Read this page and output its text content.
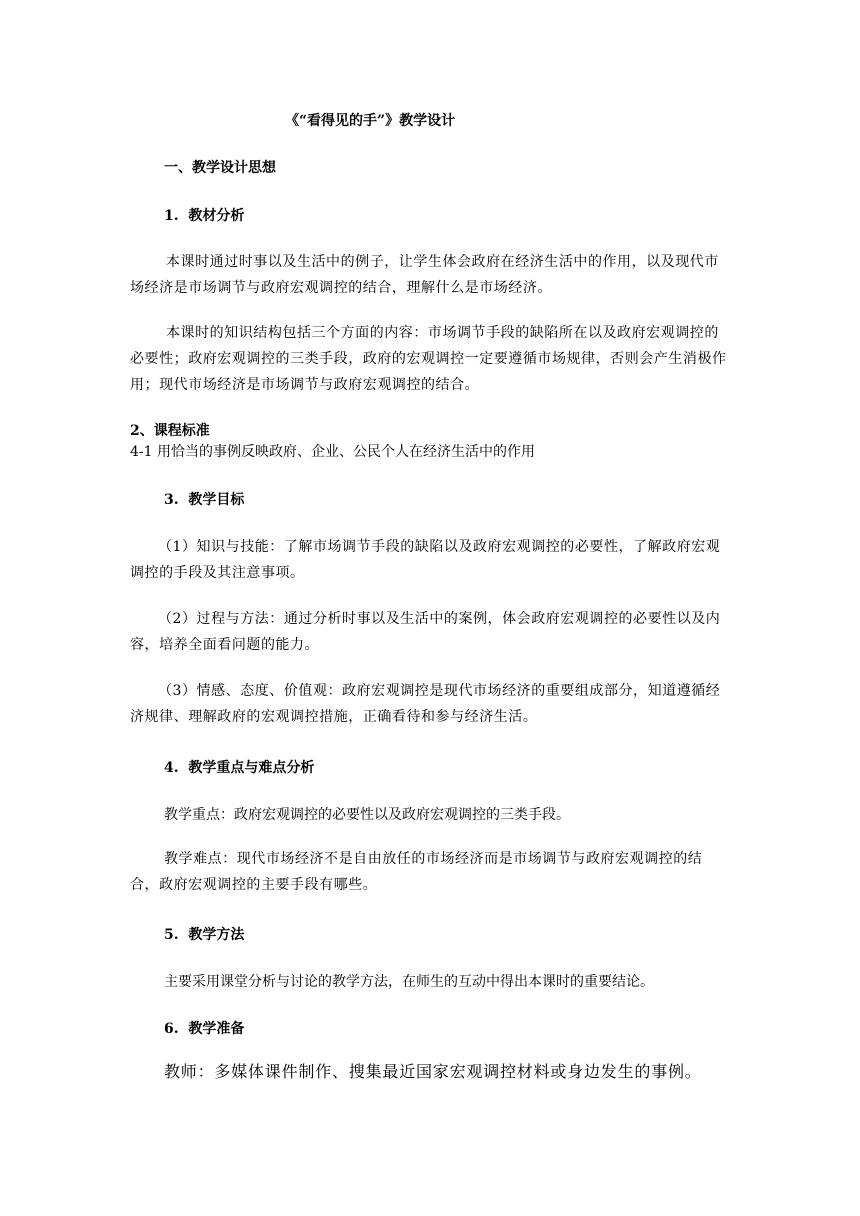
《“看得见的手”》教学设计
一、教学设计思想
1. 教材分析
本课时通过时事以及生活中的例子，让学生体会政府在经济生活中的作用，以及现代市场经济是市场调节与政府宏观调控的结合，理解什么是市场经济。
本课时的知识结构包括三个方面的内容：市场调节手段的缺陷所在以及政府宏观调控的必要性；政府宏观调控的三类手段，政府的宏观调控一定要遵循市场规律，否则会产生消极作用；现代市场经济是市场调节与政府宏观调控的结合。
2、课程标准
4-1 用恰当的事例反映政府、企业、公民个人在经济生活中的作用
3. 教学目标
（1）知识与技能：了解市场调节手段的缺陷以及政府宏观调控的必要性，了解政府宏观调控的手段及其注意事项。
（2）过程与方法：通过分析时事以及生活中的案例，体会政府宏观调控的必要性以及内容，培养全面看问题的能力。
（3）情感、态度、价值观：政府宏观调控是现代市场经济的重要组成部分，知道遵循经济规律、理解政府的宏观调控措施，正确看待和参与经济生活。
4. 教学重点与难点分析
教学重点：政府宏观调控的必要性以及政府宏观调控的三类手段。
教学难点：现代市场经济不是自由放任的市场经济而是市场调节与政府宏观调控的结合，政府宏观调控的主要手段有哪些。
5. 教学方法
主要采用课堂分析与讨论的教学方法，在师生的互动中得出本课时的重要结论。
6. 教学准备
教师：多媒体课件制作、搜集最近国家宏观调控材料或身边发生的事例。
